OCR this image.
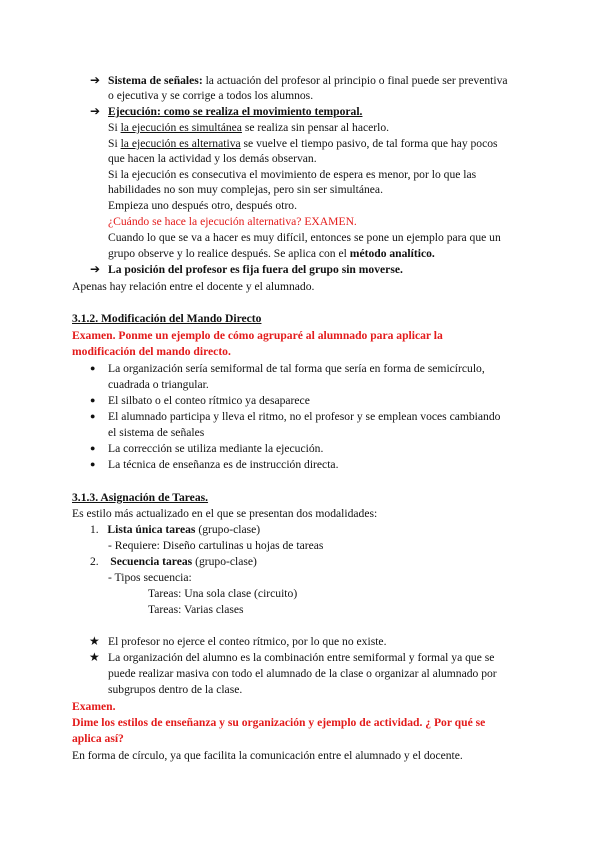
➔ Sistema de señales: la actuación del profesor al principio o final puede ser preventiva
o ejecutiva y se corrige a todos los alumnos.
➔ Ejecución: como se realiza el movimiento temporal.
Si la ejecución es simultánea se realiza sin pensar al hacerlo.
Si la ejecución es alternativa se vuelve el tiempo pasivo, de tal forma que hay pocos
que hacen la actividad y los demás observan.
Si la ejecución es consecutiva el movimiento de espera es menor, por lo que las
habilidades no son muy complejas, pero sin ser simultánea.
Empieza uno después otro, después otro.
¿Cuándo se hace la ejecución alternativa? EXAMEN.
Cuando lo que se va a hacer es muy difícil, entonces se pone un ejemplo para que un
grupo observe y lo realice después. Se aplica con el método analítico.
➔ La posición del profesor es fija fuera del grupo sin moverse.
Apenas hay relación entre el docente y el alumnado.
3.1.2. Modificación del Mando Directo
Examen. Ponme un ejemplo de cómo agruparé al alumnado para aplicar la
modificación del mando directo.
● La organización sería semiformal de tal forma que sería en forma de semicírculo,
cuadrada o triangular.
● El silbato o el conteo rítmico ya desaparece
● El alumnado participa y lleva el ritmo, no el profesor y se emplean voces cambiando
el sistema de señales
● La corrección se utiliza mediante la ejecución.
● La técnica de enseñanza es de instrucción directa.
3.1.3. Asignación de Tareas.
Es estilo más actualizado en el que se presentan dos modalidades:
1. Lista única tareas (grupo-clase)
- Requiere: Diseño cartulinas u hojas de tareas
2. Secuencia tareas (grupo-clase)
- Tipos secuencia:
Tareas: Una sola clase (circuito)
Tareas: Varias clases
★ El profesor no ejerce el conteo rítmico, por lo que no existe.
★ La organización del alumno es la combinación entre semiformal y formal ya que se
puede realizar masiva con todo el alumnado de la clase o organizar al alumnado por
subgrupos dentro de la clase.
Examen.
Dime los estilos de enseñanza y su organización y ejemplo de actividad. ¿ Por qué se
aplica así?
En forma de círculo, ya que facilita la comunicación entre el alumnado y el docente.
